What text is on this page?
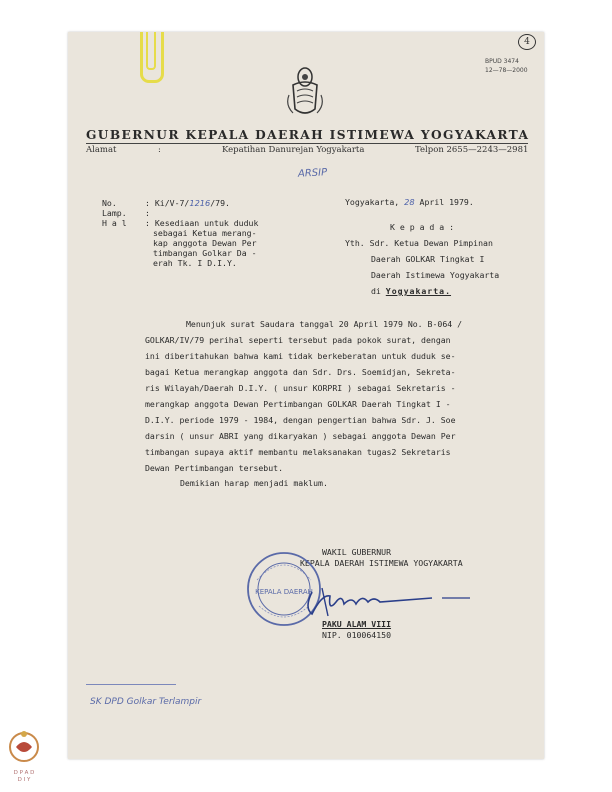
BPUD 3474
12—78—2000
4
GUBERNUR KEPALA DAERAH ISTIMEWA YOGYAKARTA
Alamat	:	Kepatihan Danurejan Yogyakarta	Telpon 2655—2243—2981
ARSIP
No.	: Ki/V-7/1216/79.
Lamp. :
H a l : Kesediaan untuk duduk
sebagai Ketua merang-
kap anggota Dewan Per
timbangan Golkar Da -
erah Tk. I D.I.Y.
Yogyakarta, 28 April 1979.
K e p a d a :
Yth. Sdr. Ketua Dewan Pimpinan
Daerah GOLKAR Tingkat I
Daerah Istimewa Yogyakarta
di Yogyakarta.
Menunjuk surat Saudara tanggal 20 April 1979 No. B-064 /
GOLKAR/IV/79 perihal seperti tersebut pada pokok surat, dengan
ini diberitahukan bahwa kami tidak berkeberatan untuk duduk se-
bagai Ketua merangkap anggota dan Sdr. Drs. Soemidjan, Sekreta-
ris Wilayah/Daerah D.I.Y. ( unsur KORPRI ) sebagai Sekretaris -
merangkap anggota Dewan Pertimbangan GOLKAR Daerah Tingkat I -
D.I.Y. periode 1979 - 1984, dengan pengertian bahwa Sdr. J. Soe
darsin ( unsur ABRI yang dikaryakan ) sebagai anggota Dewan Per
timbangan supaya aktif membantu melaksanakan tugas2 Sekretaris
Dewan Pertimbangan tersebut.
Demikian harap menjadi maklum.
WAKIL GUBERNUR
KEPALA DAERAH ISTIMEWA YOGYAKARTA
KEPALA DAERAH
PAKU ALAM VIII
NIP. 010064150
SK DPD Golkar Terlampir
D P A D
D I Y
